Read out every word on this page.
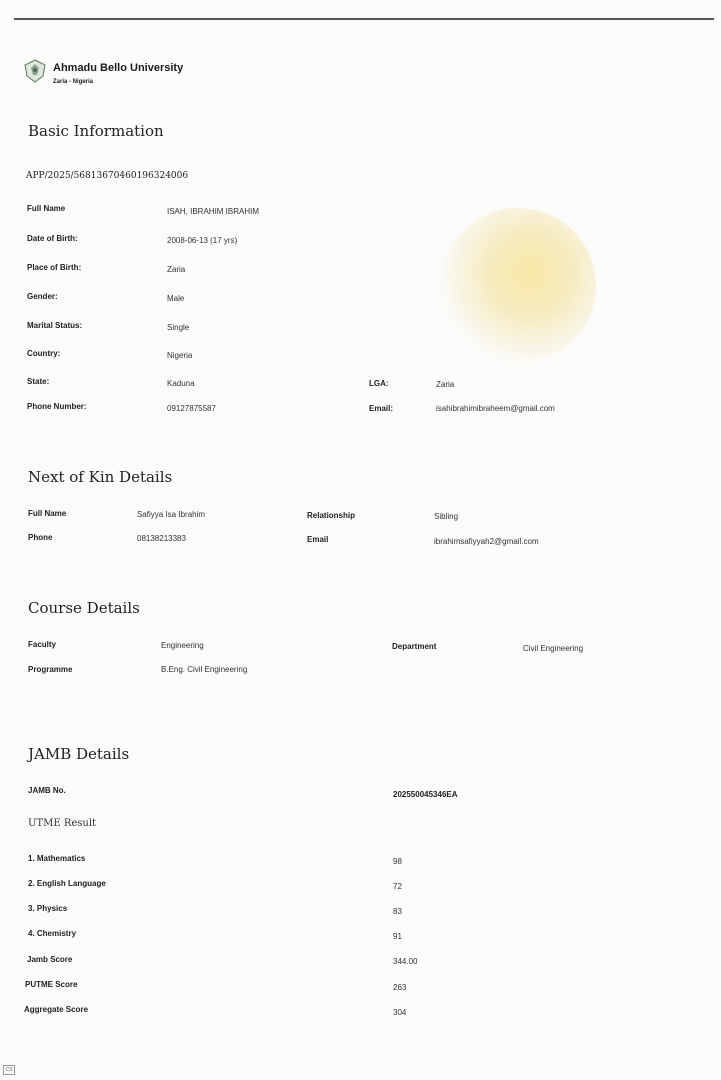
Ahmadu Bello University
Zaria - Nigeria
Basic Information
APP/2025/56813670460196324006
Full Name	ISAH, IBRAHIM IBRAHIM
Date of Birth:	2008-06-13 (17 yrs)
Place of Birth:	Zaria
Gender:	Male
Marital Status:	Single
Country:	Nigeria
State:	Kaduna	LGA:	Zaria
Phone Number:	09127875587	Email:	isahibrahimibraheem@gmail.com
Next of Kin Details
Full Name	Safiyya Isa Ibrahim	Relationship	Sibling
Phone	08138213383	Email	ibrahimsafiyyah2@gmail.com
Course Details
Faculty	Engineering	Department	Civil Engineering
Programme	B.Eng. Civil Engineering
JAMB Details
JAMB No.	202550045346EA
UTME Result
1. Mathematics	98
2. English Language	72
3. Physics	83
4. Chemistry	91
Jamb Score	344.00
PUTME Score	263
Aggregate Score	304
CS
